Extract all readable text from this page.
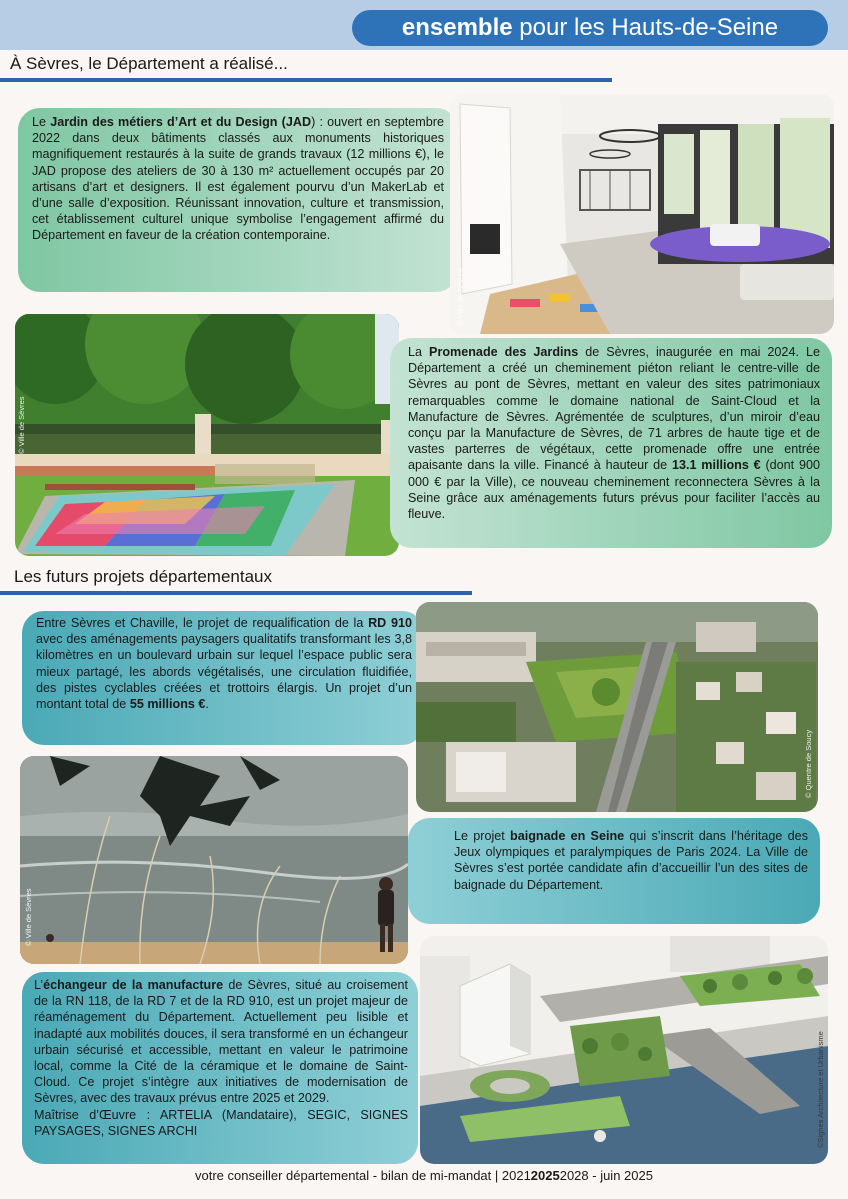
ensemble pour les Hauts-de-Seine
À Sèvres, le Département a réalisé...

Le Jardin des métiers d’Art et du Design (JAD) : ouvert en septembre 2022 dans deux bâtiments classés aux monuments historiques magnifiquement restaurés à la suite de grands travaux (12 millions €), le JAD propose des ateliers de 30 à 130 m² actuellement occupés par 20 artisans d’art et designers. Il est également pourvu d’un MakerLab et d’une salle d’exposition. Réunissant innovation, culture et transmission, cet établissement culturel unique symbolise l’engagement affirmé du Département en faveur de la création contemporaine.

© Ville de Sèvres
© Ville de Sèvres

La Promenade des Jardins de Sèvres, inaugurée en mai 2024. Le Département a créé un cheminement piéton reliant le centre-ville de Sèvres au pont de Sèvres, mettant en valeur des sites patrimoniaux remarquables comme le domaine national de Saint-Cloud et la Manufacture de Sèvres. Agrémentée de sculptures, d’un miroir d’eau conçu par la Manufacture de Sèvres, de 71 arbres de haute tige et de vastes parterres de végétaux, cette promenade offre une entrée apaisante dans la ville. Financé à hauteur de 13.1 millions € (dont 900 000 € par la Ville), ce nouveau cheminement reconnectera Sèvres à la Seine grâce aux aménagements futurs prévus pour faciliter l’accès au fleuve.

Les futurs projets départementaux

Entre Sèvres et Chaville, le projet de requalification de la RD 910 avec des aménagements paysagers qualitatifs transformant les 3,8 kilomètres en un boulevard urbain sur lequel l’espace public sera mieux partagé, les abords végétalisés, une circulation fluidifiée, des pistes cyclables créées et trottoirs élargis. Un projet d’un montant total de 55 millions €.

© Quentre de Soucy
© Ville de Sèvres

Le projet baignade en Seine qui s’inscrit dans l’héritage des Jeux olympiques et paralympiques de Paris 2024. La Ville de Sèvres s’est portée candidate afin d’accueillir l’un des sites de baignade du Département.

L’échangeur de la manufacture de Sèvres, situé au croisement de la RN 118, de la RD 7 et de la RD 910, est un projet majeur de réaménagement du Département. Actuellement peu lisible et inadapté aux mobilités douces, il sera transformé en un échangeur urbain sécurisé et accessible, mettant en valeur le patrimoine local, comme la Cité de la céramique et le domaine de Saint-Cloud. Ce projet s’intègre aux initiatives de modernisation de Sèvres, avec des travaux prévus entre 2025 et 2029.

Maîtrise d’Œuvre : ARTELIA (Mandataire), SEGIC, SIGNES PAYSAGES, SIGNES ARCHI	©Signes Architecture et Urbanisme
votre conseiller départemental - bilan de mi-mandat | 202120252028 - juin 2025
